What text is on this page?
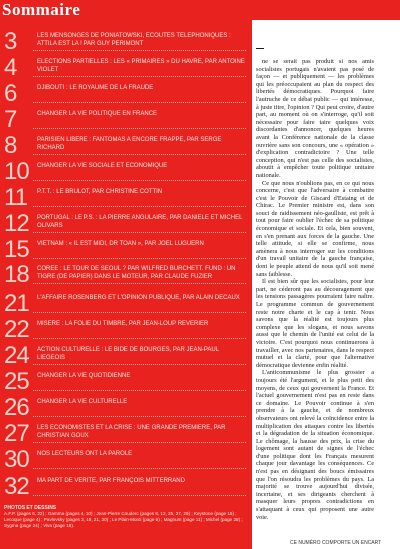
Sommaire
3	LES MENSONGES DE PONIATOWSKI, ECOUTES TELEPHONIQUES : ATTILA EST LA ! PAR GUY PERIMONT
4	ELECTIONS PARTIELLES : LES « PRIMAIRES » DU HAVRE, PAR ANTOINE VIOLET
6	DJIBOUTI : LE ROYAUME DE LA FRAUDE
7	CHANGER LA VIE POLITIQUE EN FRANCE
8	PARISIEN LIBERE : FANTOMAS A ENCORE FRAPPE, PAR SERGE RICHARD
10	CHANGER LA VIE SOCIALE ET ECONOMIQUE
11	P.T.T. : LE BRULOT, PAR CHRISTINE COTTIN
12	PORTUGAL : LE P.S. : LA PIERRE ANGULAIRE, PAR DANIELE ET MICHEL OLIVARS
15	VIETNAM : « IL EST MIDI, DR TOAN », PAR JOEL LUGUERN
18	COREE : LE TOUR DE SEOUL ? PAR WILFRED BURCHETT. FUND : UN TIGRE (DE PAPIER) DANS LE MOTEUR, PAR CLAUDE FUZIER
21	L'AFFAIRE ROSENBERG ET L'OPINION PUBLIQUE, PAR ALAIN DECAUX
22	MISERE : LA FOLIE DU TIMBRE, PAR JEAN-LOUP REVERIER
24	ACTION CULTURELLE : LE BIDE DE BOURGES, PAR JEAN-PAUL LIEGEOIS
25	CHANGER LA VIE QUOTIDIENNE
26	CHANGER LA VIE CULTURELLE
27	LES ECONOMISTES ET LA CRISE : UNE GRANDE PREMIERE, PAR CHRISTIAN GOUX
30	NOS LECTEURS ONT LA PAROLE
32	MA PART DE VERITE, PAR FRANÇOIS MITTERRAND
PHOTOS ET DESSINS
A.F.P. (pages 6, 22) ; Gamma (pages 4, 10) ; Jean-Pierre Couderc (pages 8, 12, 25, 27, 29) ; Keystone (page 15) ; Lecoque (page 4) ; Pavlovsky (pages 3, 18, 21, 30) ; Le Plain-Monti (page 6) ; Magnum (page 11) ; Michel (page 28) ; Sygma (page 24) ; Viva (page 18).

ne se serait pas produit si nos amis socialistes portugais n'avaient pas posé de façon — et publiquement — les problèmes qui les préoccupaient au plan du respect des libertés démocratiques. Pourquoi faire l'autruche de ce débat public — qui intéresse, à juste titre, l'opinion ? Qui peut croire, d'autre part, au moment où on s'interroge, qu'il soit nécessaire pour faire taire quelques voix discordantes d'annoncer, quelques heures avant la Conférence nationale de la classe ouvrière sans son concours, une « opération » d'explication contradictoire ? Une telle conception, qui n'est pas celle des socialistes, aboutit à empêcher toute politique unitaire nationale.

Ce que nous n'oublions pas, en ce qui nous concerne, c'est que l'adversaire à combattre c'est le Pouvoir de Giscard d'Estaing et de Chirac. Le Premier ministre est, dans son souci de raidissement néo-gaulliste, est prêt à tout pour faire oublier l'échec de sa politique économique et sociale. Et cela, bien souvent, en s'en prenant aux forces de la gauche. Une telle attitude, si elle se confirme, nous amènera à nous interroger sur les conditions d'un travail unitaire de la gauche française, dont le peuple attend de nous qu'il soit mené sans faiblesse.

Il est bien sûr que les socialistes, pour leur part, ne céderont pas au découragement que les tensions passagères pourraient faire naître. Le programme commun de gouvernement reste notre charte et le cap à tenir. Nous savons que la réalité est toujours plus complexe que les slogans, et nous savons aussi que le chemin de l'unité est celui de la victoire. C'est pourquoi nous continuerons à travailler, avec nos partenaires, dans le respect mutuel et la clarté, pour que l'alternative démocratique devienne enfin réalité.

L'anticommunisme le plus grossier a toujours été l'argument, et le plus petit des moyens, de ceux qui gouvernent la France. Et l'actuel gouvernement n'est pas en reste dans ce domaine. Le Pouvoir continue à s'en prendre à la gauche, et de nombreux observateurs ont relevé la coïncidence entre la multiplication des attaques contre les libertés et la dégradation de la situation économique. Le chômage, la hausse des prix, la crise du logement sont autant de signes de l'échec d'une politique dont les Français mesurent chaque jour davantage les conséquences. Ce n'est pas en désignant des boucs émissaires que l'on résoudra les problèmes du pays. La majorité se trouve aujourd'hui divisée, incertaine, et ses dirigeants cherchent à masquer leurs propres contradictions en s'attaquant à ceux qui proposent une autre voie.

CE NUMÉRO COMPORTE UN ENCART
